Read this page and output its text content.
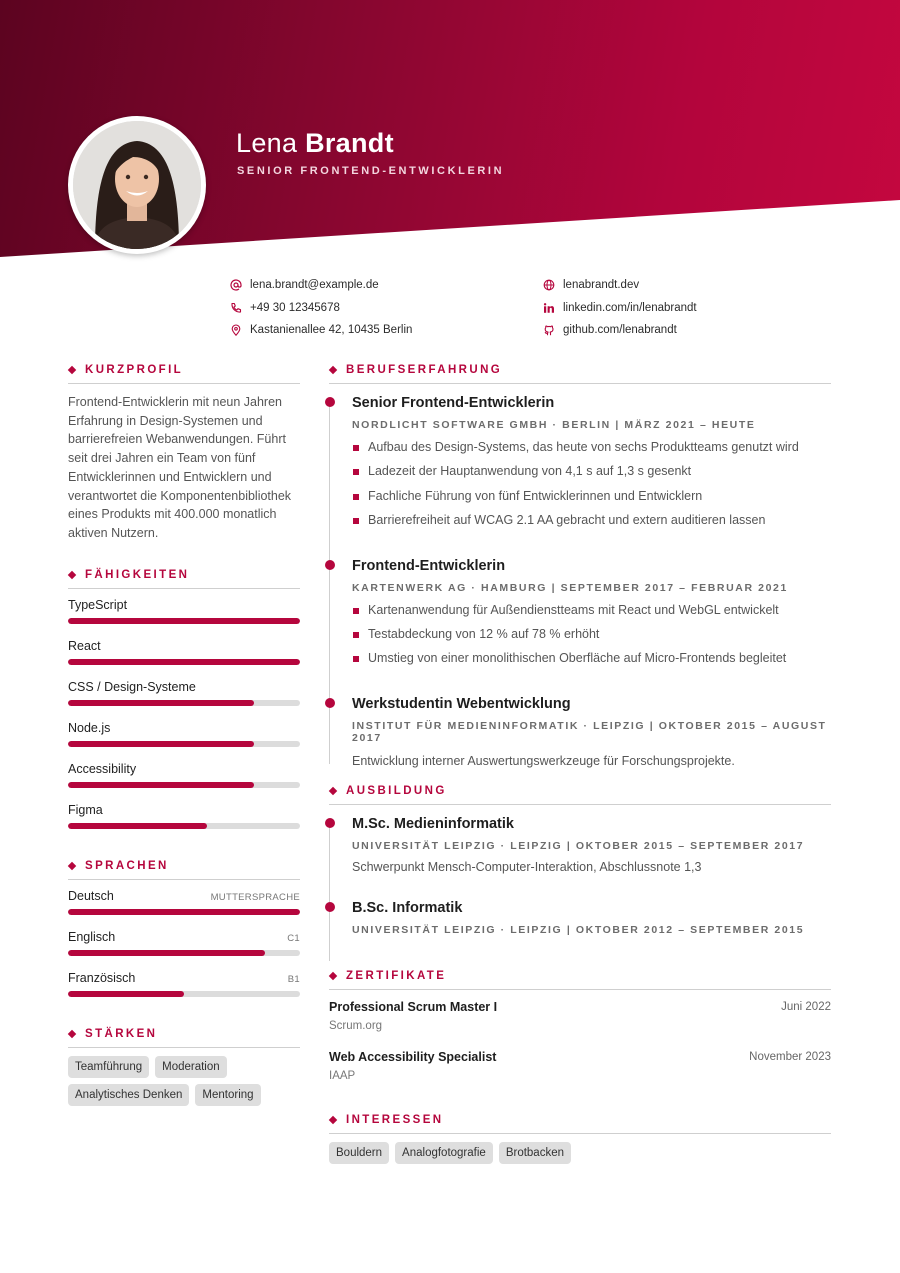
Lena Brandt
SENIOR FRONTEND-ENTWICKLERIN
lena.brandt@example.de
+49 30 12345678
Kastanienallee 42, 10435 Berlin
lenabrandt.dev
linkedin.com/in/lenabrandt
github.com/lenabrandt
KURZPROFIL

Frontend-Entwicklerin mit neun Jahren Erfahrung in Design-Systemen und barrierefreien Webanwendungen. Führt seit drei Jahren ein Team von fünf Entwicklerinnen und Entwicklern und verantwortet die Komponentenbibliothek eines Produkts mit 400.000 monatlich aktiven Nutzern.

FÄHIGKEITEN
TypeScript
React
CSS / Design-Systeme
Node.js
Accessibility
Figma
SPRACHEN
Deutsch	MUTTERSPRACHE
Englisch	C1
Französisch	B1
STÄRKEN
Teamführung	Moderation
Analytisches Denken	Mentoring
BERUFSERFAHRUNG
Senior Frontend-Entwicklerin
NORDLICHT SOFTWARE GMBH · BERLIN | MÄRZ 2021 – HEUTE
Aufbau des Design-Systems, das heute von sechs Produktteams genutzt wird
Ladezeit der Hauptanwendung von 4,1 s auf 1,3 s gesenkt
Fachliche Führung von fünf Entwicklerinnen und Entwicklern
Barrierefreiheit auf WCAG 2.1 AA gebracht und extern auditieren lassen
Frontend-Entwicklerin
KARTENWERK AG · HAMBURG | SEPTEMBER 2017 – FEBRUAR 2021
Kartenanwendung für Außendienstteams mit React und WebGL entwickelt
Testabdeckung von 12 % auf 78 % erhöht
Umstieg von einer monolithischen Oberfläche auf Micro-Frontends begleitet
Werkstudentin Webentwicklung
INSTITUT FÜR MEDIENINFORMATIK · LEIPZIG | OKTOBER 2015 – AUGUST 2017
Entwicklung interner Auswertungswerkzeuge für Forschungsprojekte.
AUSBILDUNG
M.Sc. Medieninformatik
UNIVERSITÄT LEIPZIG · LEIPZIG | OKTOBER 2015 – SEPTEMBER 2017
Schwerpunkt Mensch-Computer-Interaktion, Abschlussnote 1,3
B.Sc. Informatik
UNIVERSITÄT LEIPZIG · LEIPZIG | OKTOBER 2012 – SEPTEMBER 2015
ZERTIFIKATE
Professional Scrum Master I	Juni 2022
Scrum.org
Web Accessibility Specialist	November 2023
IAAP
INTERESSEN
Bouldern	Analogfotografie	Brotbacken
